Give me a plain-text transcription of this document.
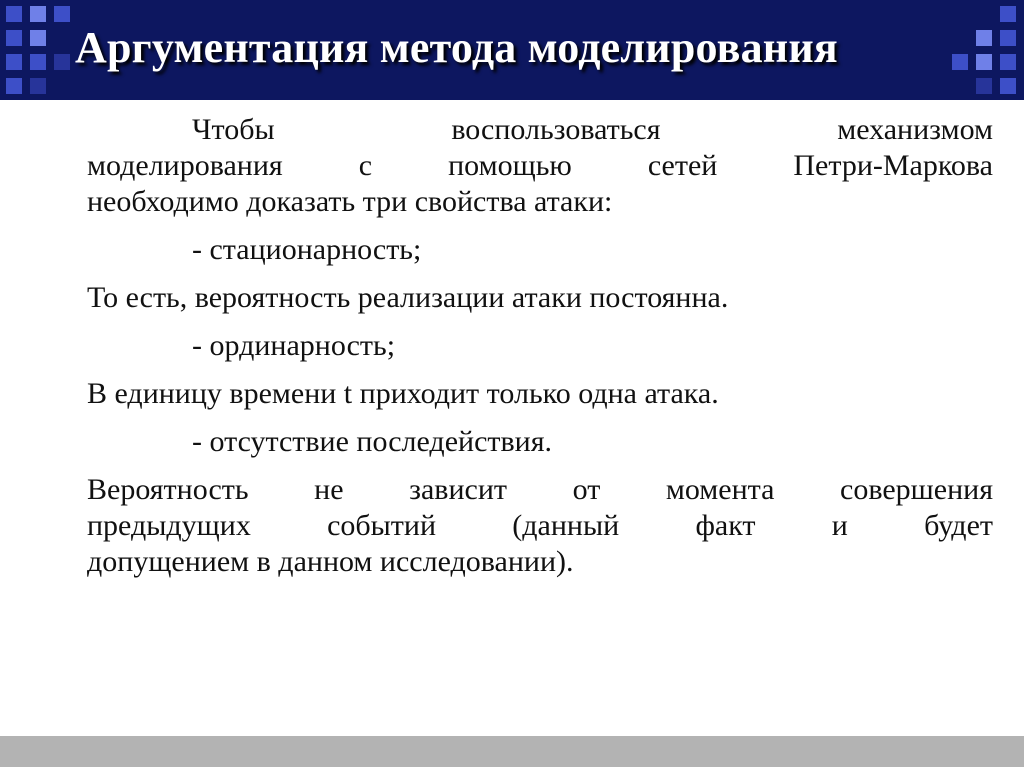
Аргументация метода моделирования
Чтобы воспользоваться механизмом

моделирования с помощью сетей Петри-Маркова

необходимо доказать три свойства атаки:

- стационарность;

То есть, вероятность реализации атаки постоянна.

- ординарность;

В единицу времени t приходит только одна атака.

- отсутствие последействия.

Вероятность не зависит от момента совершения

предыдущих событий (данный факт и будет

допущением в данном исследовании).
